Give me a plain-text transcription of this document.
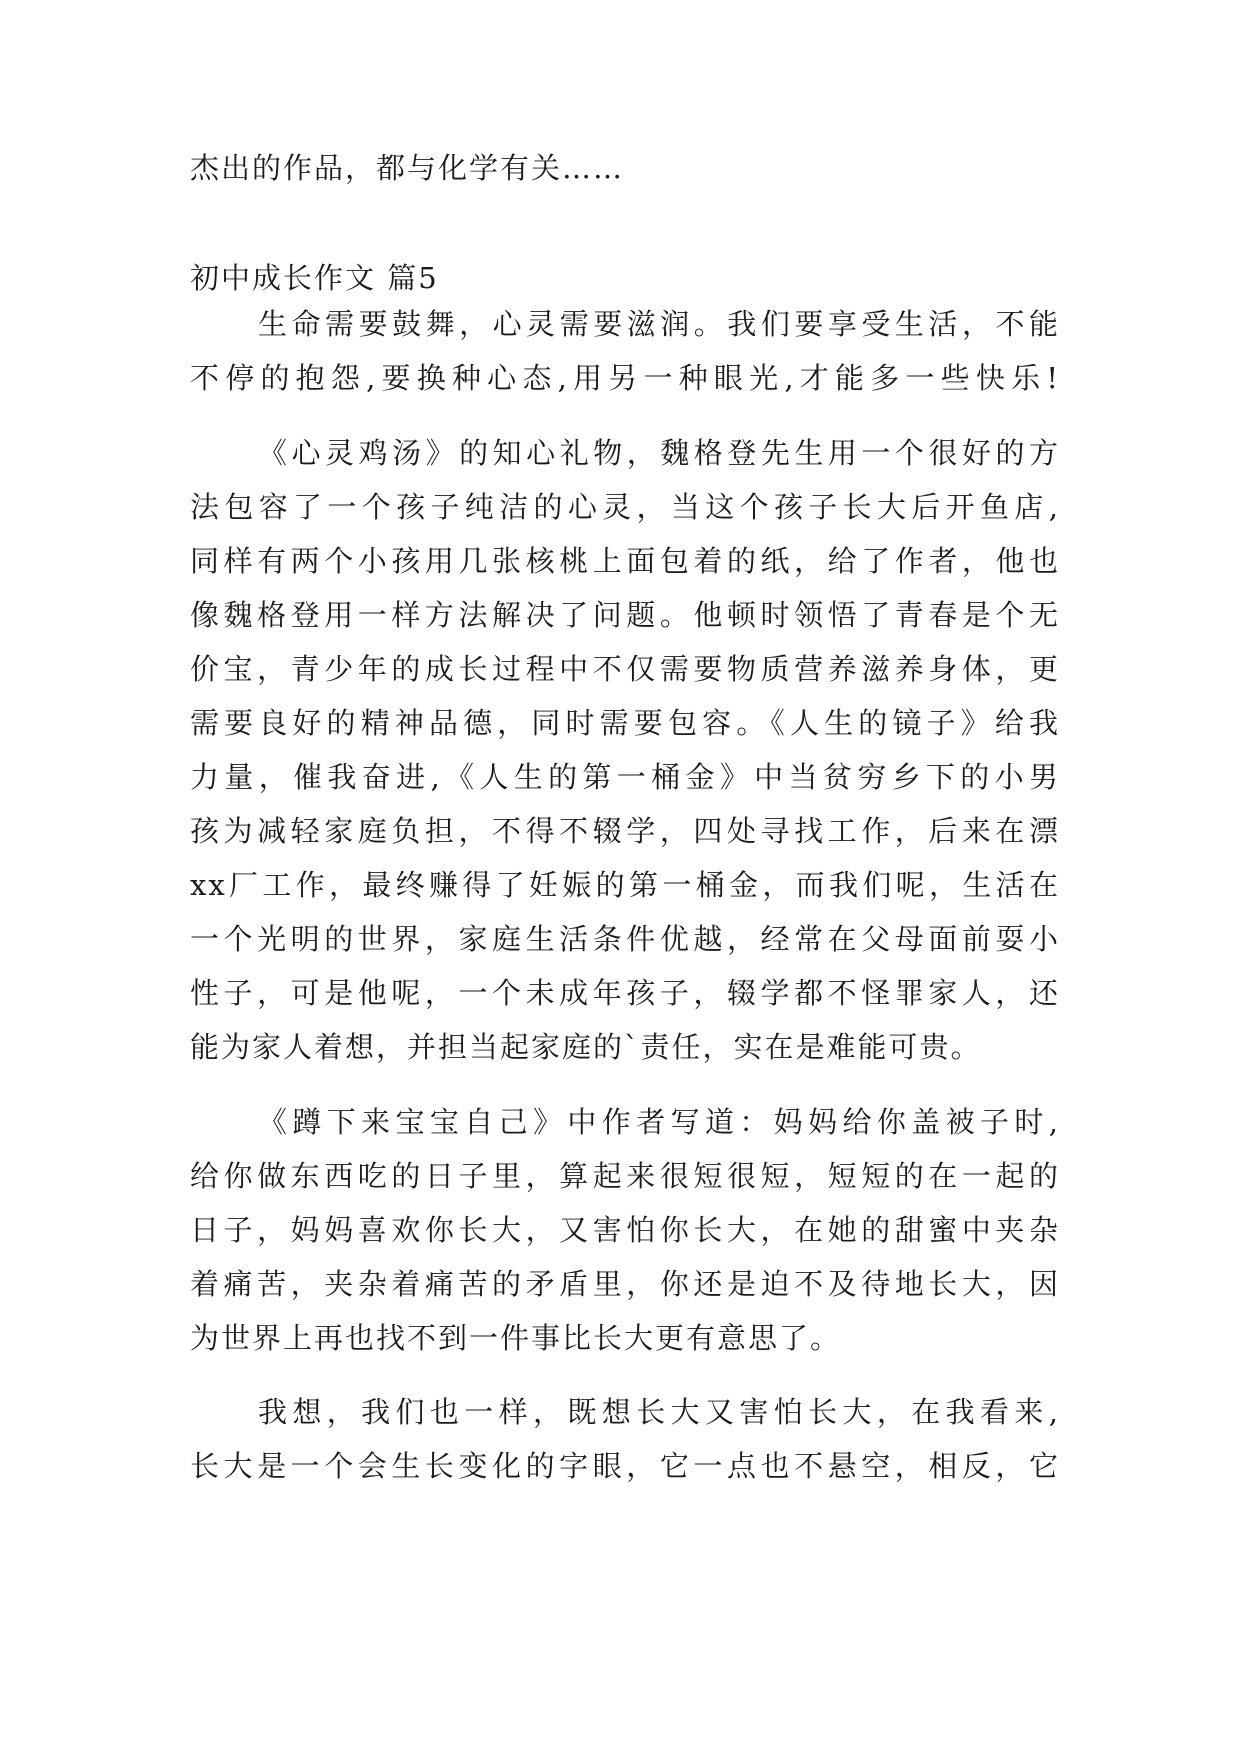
杰出的作品，都与化学有关……
初中成长作文 篇5
生命需要鼓舞，心灵需要滋润。我们要享受生活，不能
不停的抱怨,要换种心态,用另一种眼光,才能多一些快乐!
《心灵鸡汤》的知心礼物，魏格登先生用一个很好的方
法包容了一个孩子纯洁的心灵，当这个孩子长大后开鱼店,
同样有两个小孩用几张核桃上面包着的纸，给了作者，他也
像魏格登用一样方法解决了问题。他顿时领悟了青春是个无
价宝，青少年的成长过程中不仅需要物质营养滋养身体，更
需要良好的精神品德，同时需要包容。《人生的镜子》给我
力量，催我奋进,《人生的第一桶金》中当贫穷乡下的小男
孩为减轻家庭负担，不得不辍学，四处寻找工作，后来在漂
xx厂工作，最终赚得了妊娠的第一桶金，而我们呢，生活在
一个光明的世界，家庭生活条件优越，经常在父母面前耍小
性子，可是他呢，一个未成年孩子，辍学都不怪罪家人，还
能为家人着想，并担当起家庭的`责任，实在是难能可贵。
《蹲下来宝宝自己》中作者写道：妈妈给你盖被子时,
给你做东西吃的日子里，算起来很短很短，短短的在一起的
日子，妈妈喜欢你长大，又害怕你长大，在她的甜蜜中夹杂
着痛苦，夹杂着痛苦的矛盾里，你还是迫不及待地长大，因
为世界上再也找不到一件事比长大更有意思了。
我想，我们也一样，既想长大又害怕长大，在我看来,
长大是一个会生长变化的字眼，它一点也不悬空，相反，它
